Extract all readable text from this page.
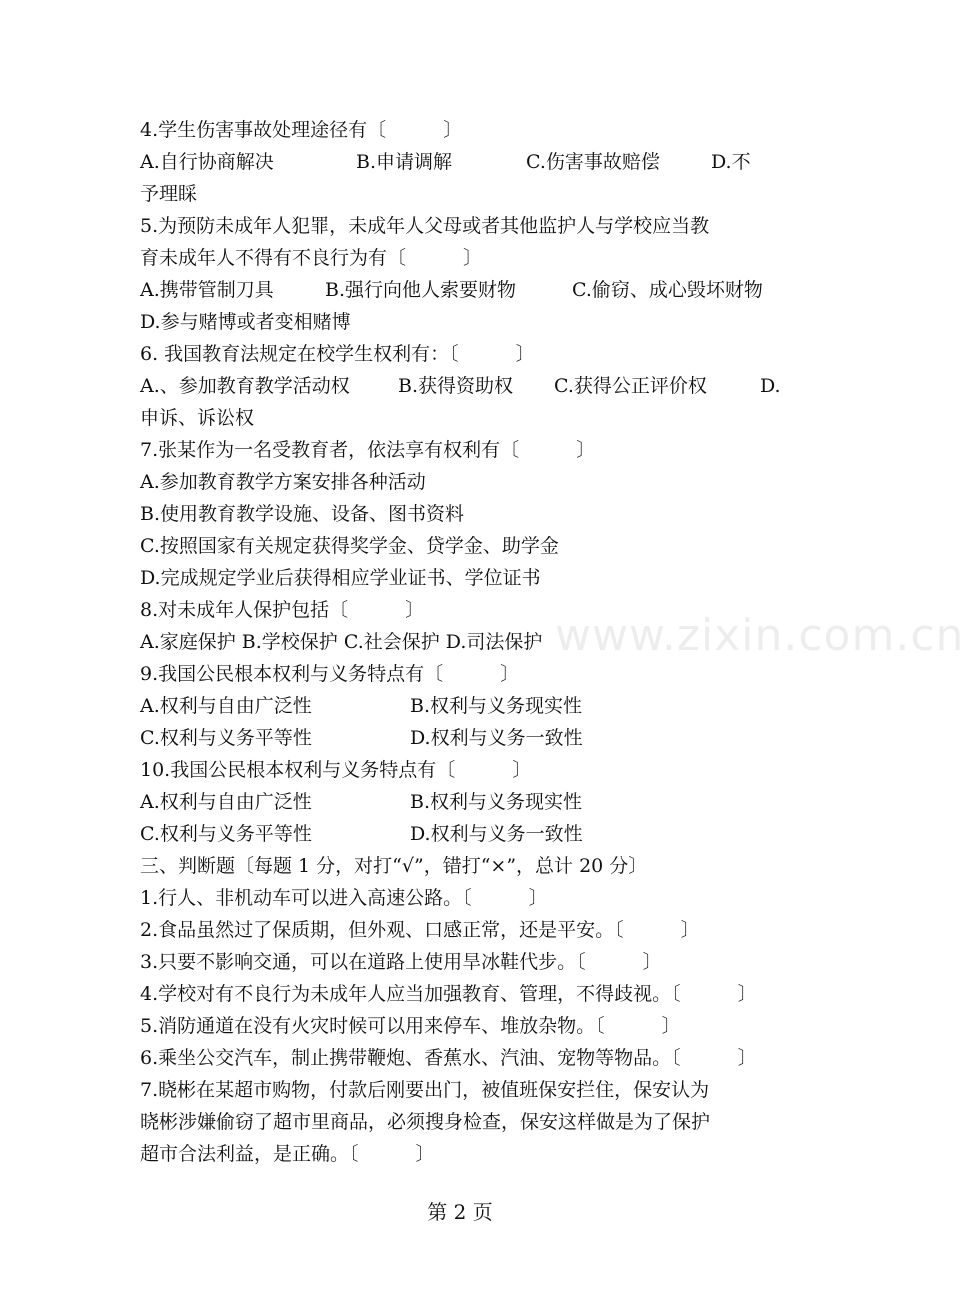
www.zixin.com.cn
4.学生伤害事故处理途径有〔　　　〕
A.自行协商解决	B.申请调解	C.伤害事故赔偿	D.不
予理睬
5.为预防未成年人犯罪，未成年人父母或者其他监护人与学校应当教
育未成年人不得有不良行为有〔　　　〕
A.携带管制刀具	B.强行向他人索要财物	C.偷窃、成心毁坏财物
D.参与赌博或者变相赌博
6. 我国教育法规定在校学生权利有：〔　　　〕
A.、参加教育教学活动权	B.获得资助权 C.获得公正评价权	D.
申诉、诉讼权
7.张某作为一名受教育者，依法享有权利有〔　　　〕
A.参加教育教学方案安排各种活动
B.使用教育教学设施、设备、图书资料
C.按照国家有关规定获得奖学金、贷学金、助学金
D.完成规定学业后获得相应学业证书、学位证书
8.对未成年人保护包括〔　　　〕
A.家庭保护 B.学校保护 C.社会保护 D.司法保护
9.我国公民根本权利与义务特点有〔　　　〕
A.权利与自由广泛性	B.权利与义务现实性
C.权利与义务平等性	D.权利与义务一致性
10.我国公民根本权利与义务特点有〔　　　〕
A.权利与自由广泛性	B.权利与义务现实性
C.权利与义务平等性	D.权利与义务一致性
三、判断题〔每题 1 分，对打“√”，错打“×”，总计 20 分〕
1.行人、非机动车可以进入高速公路。〔　　　〕
2.食品虽然过了保质期，但外观、口感正常，还是平安。〔　　　〕
3.只要不影响交通，可以在道路上使用旱冰鞋代步。〔　　　〕
4.学校对有不良行为未成年人应当加强教育、管理，不得歧视。〔　　　〕
5.消防通道在没有火灾时候可以用来停车、堆放杂物。〔　　　〕
6.乘坐公交汽车，制止携带鞭炮、香蕉水、汽油、宠物等物品。〔　　　〕
7.晓彬在某超市购物，付款后刚要出门，被值班保安拦住，保安认为
晓彬涉嫌偷窃了超市里商品，必须搜身检查，保安这样做是为了保护
超市合法利益，是正确。〔　　　〕
第 2 页
